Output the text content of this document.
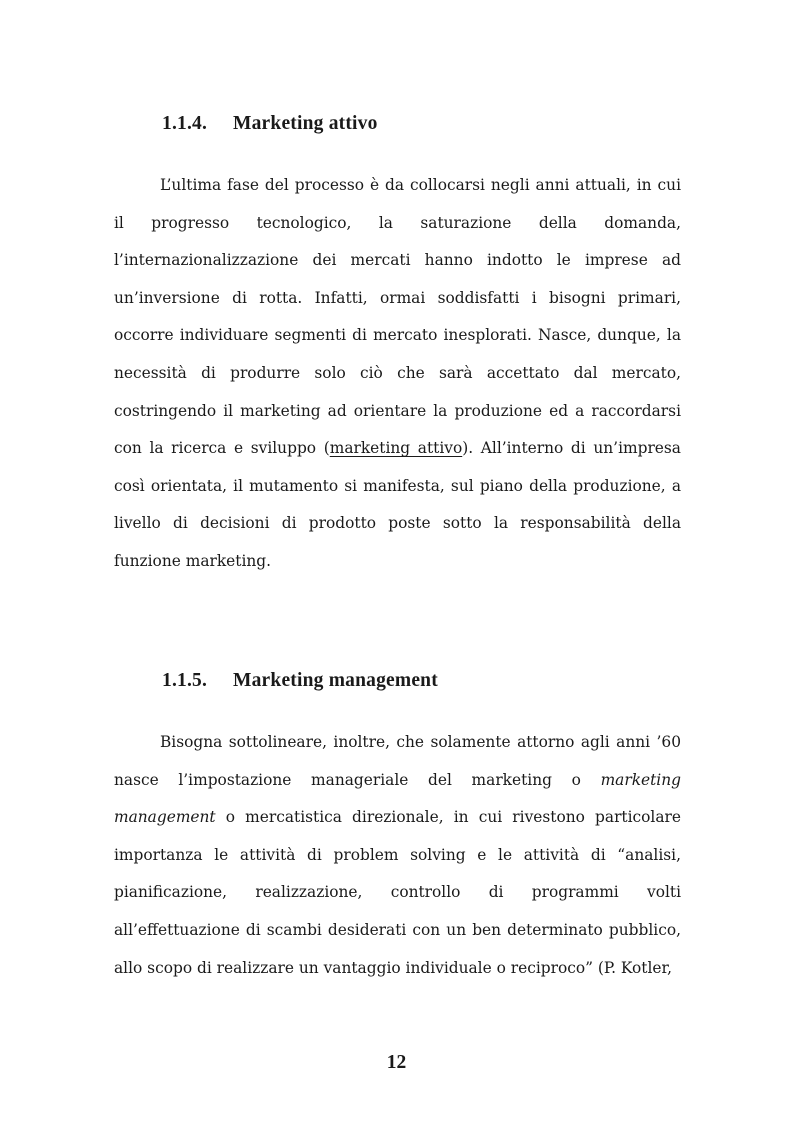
1.1.4. Marketing attivo

L’ultima fase del processo è da collocarsi negli anni attuali, in cui il progresso tecnologico, la saturazione della domanda, l’internazionalizzazione dei mercati hanno indotto le imprese ad un’inversione di rotta. Infatti, ormai soddisfatti i bisogni primari, occorre individuare segmenti di mercato inesplorati. Nasce, dunque, la necessità di produrre solo ciò che sarà accettato dal mercato, costringendo il marketing ad orientare la produzione ed a raccordarsi con la ricerca e sviluppo (marketing attivo). All’interno di un’impresa così orientata, il mutamento si manifesta, sul piano della produzione, a livello di decisioni di prodotto poste sotto la responsabilità della funzione marketing.

1.1.5. Marketing management

Bisogna sottolineare, inoltre, che solamente attorno agli anni ’60 nasce l’impostazione manageriale del marketing o marketing management o mercatistica direzionale, in cui rivestono particolare importanza le attività di problem solving e le attività di “analisi, pianificazione, realizzazione, controllo di programmi volti all’effettuazione di scambi desiderati con un ben determinato pubblico, allo scopo di realizzare un vantaggio individuale o reciproco” (P. Kotler,

12
